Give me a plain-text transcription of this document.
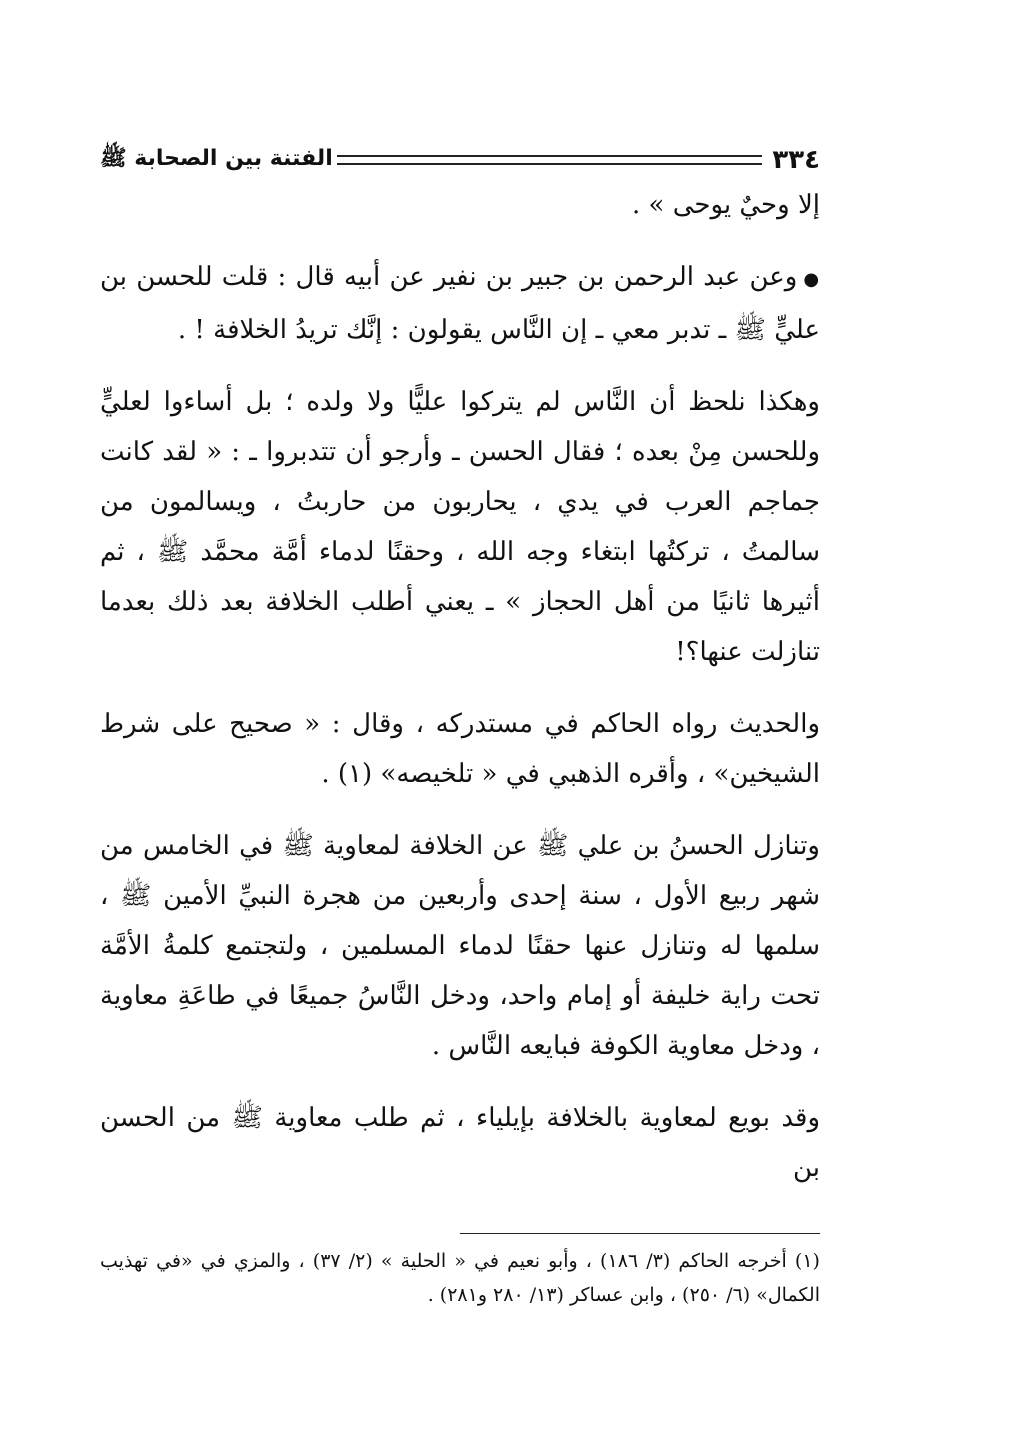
٣٣٤
الفتنة بين الصحابة ﷺ

إلا وحيٌ يوحى » .

●وعن عبد الرحمن بن جبير بن نفير عن أبيه قال : قلت للحسن بن عليٍّ ﷺ ـ تدبر معي ـ إن النَّاس يقولون : إنَّك تريدُ الخلافة ! .

وهكذا نلحظ أن النَّاس لم يتركوا عليًّا ولا ولده ؛ بل أساءوا لعليٍّ وللحسن مِنْ بعده ؛ فقال الحسن ـ وأرجو أن تتدبروا ـ : « لقد كانت جماجم العرب في يدي ، يحاربون من حاربتُ ، ويسالمون من سالمتُ ، تركتُها ابتغاء وجه الله ، وحقنًا لدماء أمَّة محمَّد ﷺ ، ثم أثيرها ثانيًا من أهل الحجاز » ـ يعني أطلب الخلافة بعد ذلك بعدما تنازلت عنها؟!

والحديث رواه الحاكم في مستدركه ، وقال : « صحيح على شرط الشيخين» ، وأقره الذهبي في « تلخيصه» (١) .

وتنازل الحسنُ بن علي ﷺ عن الخلافة لمعاوية ﷺ في الخامس من شهر ربيع الأول ، سنة إحدى وأربعين من هجرة النبيِّ الأمين ﷺ ، سلمها له وتنازل عنها حقنًا لدماء المسلمين ، ولتجتمع كلمةُ الأمَّة تحت راية خليفة أو إمام واحد، ودخل النَّاسُ جميعًا في طاعَةِ معاوية ، ودخل معاوية الكوفة فبايعه النَّاس .

وقد بويع لمعاوية بالخلافة بإيلياء ، ثم طلب معاوية ﷺ من الحسن بن

(١) أخرجه الحاكم (٣/ ١٨٦) ، وأبو نعيم في « الحلية » (٢/ ٣٧) ، والمزي في «في تهذيب الكمال» (٦/ ٢٥٠) ، وابن عساكر (١٣/ ٢٨٠ و٢٨١) .
